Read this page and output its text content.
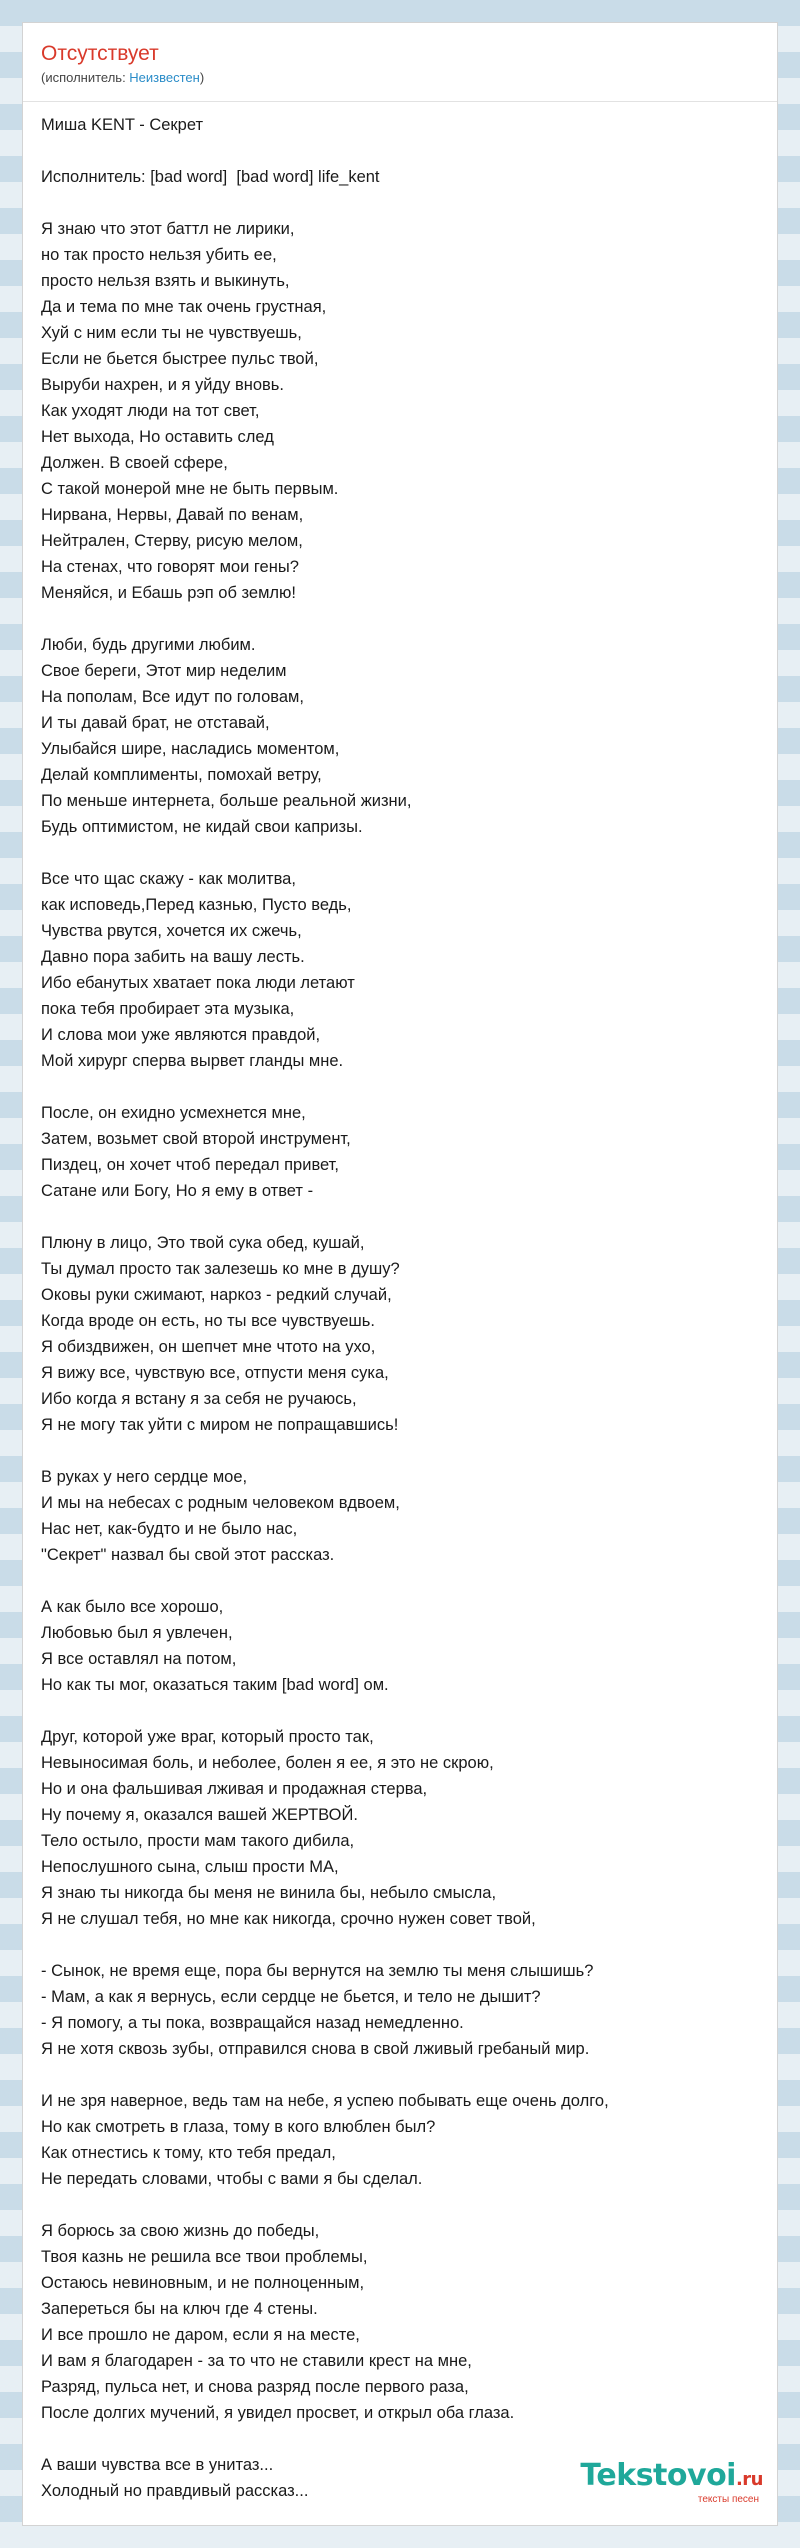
Отсутствует
(исполнитель: Неизвестен)
Миша KENT - Секрет
Исполнитель: [bad word]  [bad word] life_kent
Я знаю что этот баттл не лирики,
но так просто нельзя убить ее,
просто нельзя взять и выкинуть,
Да и тема по мне так очень грустная,
Хуй с ним если ты не чувствуешь,
Если не бьется быстрее пульс твой,
Выруби нахрен, и я уйду вновь.
Как уходят люди на тот свет,
Нет выхода, Но оставить след
Должен. В своей сфере,
С такой монерой мне не быть первым.
Нирвана, Нервы, Давай по венам,
Нейтрален, Стерву, рисую мелом,
На стенах, что говорят мои гены?
Меняйся, и Ебашь рэп об землю!
Люби, будь другими любим.
Свое береги, Этот мир неделим
На пополам, Все идут по головам,
И ты давай брат, не отставай,
Улыбайся шире, насладись моментом,
Делай комплименты, помохай ветру,
По меньше интернета, больше реальной жизни,
Будь оптимистом, не кидай свои капризы.
Все что щас скажу - как молитва,
как исповедь,Перед казнью, Пусто ведь,
Чувства рвутся, хочется их сжечь,
Давно пора забить на вашу лесть.
Ибо ебанутых хватает пока люди летают
пока тебя пробирает эта музыка,
И слова мои уже являются правдой,
Мой хирург сперва вырвет гланды мне.
После, он ехидно усмехнется мне,
Затем, возьмет свой второй инструмент,
Пиздец, он хочет чтоб передал привет,
Сатане или Богу, Но я ему в ответ -
Плюну в лицо, Это твой сука обед, кушай,
Ты думал просто так залезешь ко мне в душу?
Оковы руки сжимают, наркоз - редкий случай,
Когда вроде он есть, но ты все чувствуешь.
Я обиздвижен, он шепчет мне чтото на ухо,
Я вижу все, чувствую все, отпусти меня сука,
Ибо когда я встану я за себя не ручаюсь,
Я не могу так уйти с миром не попращавшись!
В руках у него сердце мое,
И мы на небесах с родным человеком вдвоем,
Нас нет, как-будто и не было нас,
"Секрет" назвал бы свой этот рассказ.
А как было все хорошо,
Любовью был я увлечен,
Я все оставлял на потом,
Но как ты мог, оказаться таким [bad word] ом.
Друг, которой уже враг, который просто так,
Невыносимая боль, и неболее, болен я ее, я это не скрою,
Но и она фальшивая лживая и продажная стерва,
Ну почему я, оказался вашей ЖЕРТВОЙ.
Тело остыло, прости мам такого дибила,
Непослушного сына, слыш прости МА,
Я знаю ты никогда бы меня не винила бы, небыло смысла,
Я не слушал тебя, но мне как никогда, срочно нужен совет твой,
- Сынок, не время еще, пора бы вернутся на землю ты меня слышишь?
- Мам, а как я вернусь, если сердце не бьется, и тело не дышит?
- Я помогу, а ты пока, возвращайся назад немедленно.
Я не хотя сквозь зубы, отправился снова в свой лживый гребаный мир.
И не зря наверное, ведь там на небе, я успею побывать еще очень долго,
Но как смотреть в глаза, тому в кого влюблен был?
Как отнестись к тому, кто тебя предал,
Не передать словами, чтобы с вами я бы сделал.
Я борюсь за свою жизнь до победы,
Твоя казнь не решила все твои проблемы,
Остаюсь невиновным, и не полноценным,
Запереться бы на ключ где 4 стены.
И все прошло не даром, если я на месте,
И вам я благодарен - за то что не ставили крест на мне,
Разряд, пульса нет, и снова разряд после первого раза,
После долгих мучений, я увидел просвет, и открыл оба глаза.
А ваши чувства все в унитаз...
Холодный но правдивый рассказ...	Tekstovoi.ru
тексты песен
